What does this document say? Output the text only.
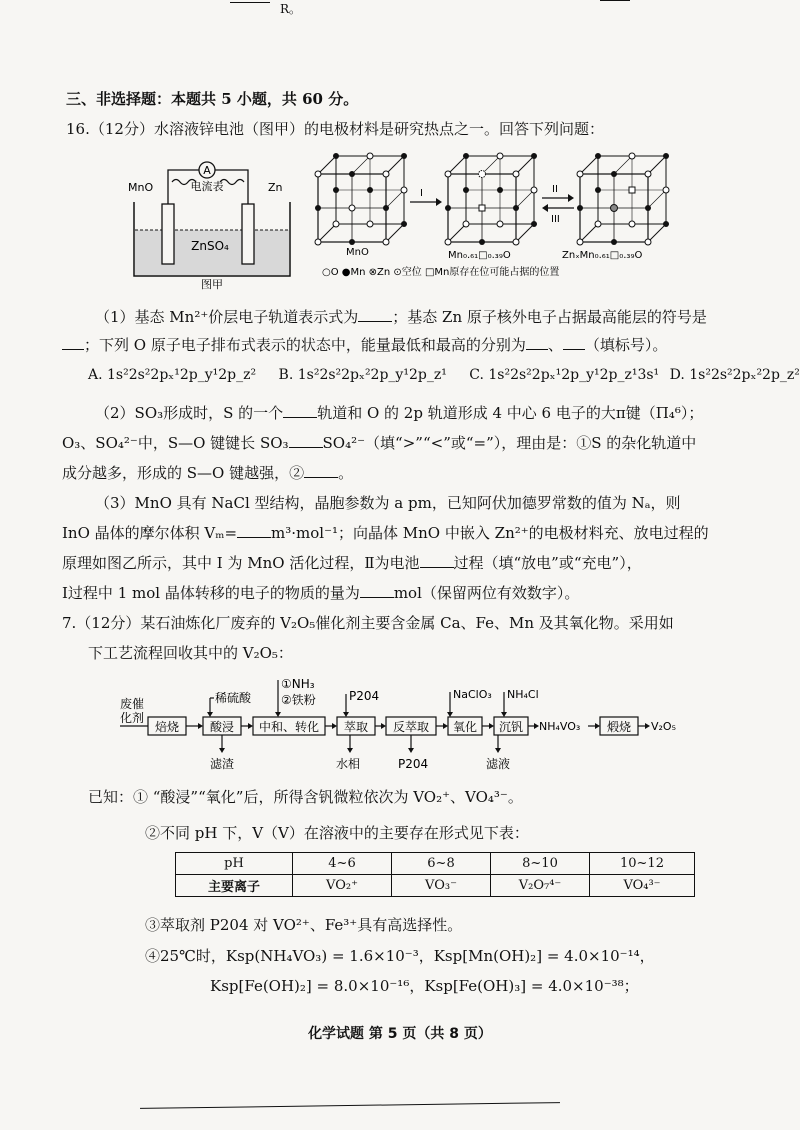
R。
三、非选择题：本题共 5 小题，共 60 分。
16.（12分）水溶液锌电池（图甲）的电极材料是研究热点之一。回答下列问题：
A
电流表
MnO	Zn
ZnSO₄
图甲
MnO
I
Mn₀.₆₁□₀.₃₉O
II
III
ZnₓMn₀.₆₁□₀.₃₉O
○O ●Mn ⊗Zn ⊙空位 □Mn原存在位可能占据的位置
（1）基态 Mn²⁺价层电子轨道表示式为 ；基态 Zn 原子核外电子占据最高能层的符号是
；下列 O 原子电子排布式表示的状态中，能量最低和最高的分别为 、 （填标号）。
A. 1s²2s²2pₓ¹2p_y¹2p_z² B. 1s²2s²2pₓ²2p_y¹2p_z¹ C. 1s²2s²2pₓ¹2p_y¹2p_z¹3s¹ D. 1s²2s²2pₓ²2p_z²
（2）SO₃形成时，S 的一个 轨道和 O 的 2p 轨道形成 4 中心 6 电子的大π键（Π₄⁶）；
O₃、SO₄²⁻中，S—O 键键长 SO₃ SO₄²⁻（填“>”“<”或“=”），理由是：①S 的杂化轨道中
成分越多，形成的 S—O 键越强，② 。
（3）MnO 具有 NaCl 型结构，晶胞参数为 a pm，已知阿伏加德罗常数的值为 Nₐ，则
InO 晶体的摩尔体积 Vₘ= m³·mol⁻¹；向晶体 MnO 中嵌入 Zn²⁺的电极材料充、放电过程的
原理如图乙所示，其中 I 为 MnO 活化过程，Ⅱ为电池 过程（填“放电”或“充电”），
Ⅰ过程中 1 mol 晶体转移的电子的物质的量为 mol（保留两位有效数字）。
7.（12分）某石油炼化厂废弃的 V₂O₅催化剂主要含金属 Ca、Fe、Mn 及其氧化物。采用如
下工艺流程回收其中的 V₂O₅：
废催
化剂
焙烧	酸浸 中和、转化 萃取 反萃取 氧化 沉钒 NH₄VO₃ 煅烧 V₂O₅
稀硫酸
①NH₃
②铁粉	P204	NaClO₃ NH₄Cl
滤渣	水相	P204	滤液
已知：① “酸浸”“氧化”后，所得含钒微粒依次为 VO₂⁺、VO₄³⁻。
②不同 pH 下，V（Ⅴ）在溶液中的主要存在形式见下表：
pH	4~6	6~8	8~10	10~12
主要离子	VO₂⁺	VO₃⁻	V₂O₇⁴⁻	VO₄³⁻
③萃取剂 P204 对 VO²⁺、Fe³⁺具有高选择性。
④25℃时，Ksp(NH₄VO₃) = 1.6×10⁻³，Ksp[Mn(OH)₂] = 4.0×10⁻¹⁴，
Ksp[Fe(OH)₂] = 8.0×10⁻¹⁶，Ksp[Fe(OH)₃] = 4.0×10⁻³⁸；
化学试题 第 5 页（共 8 页）
